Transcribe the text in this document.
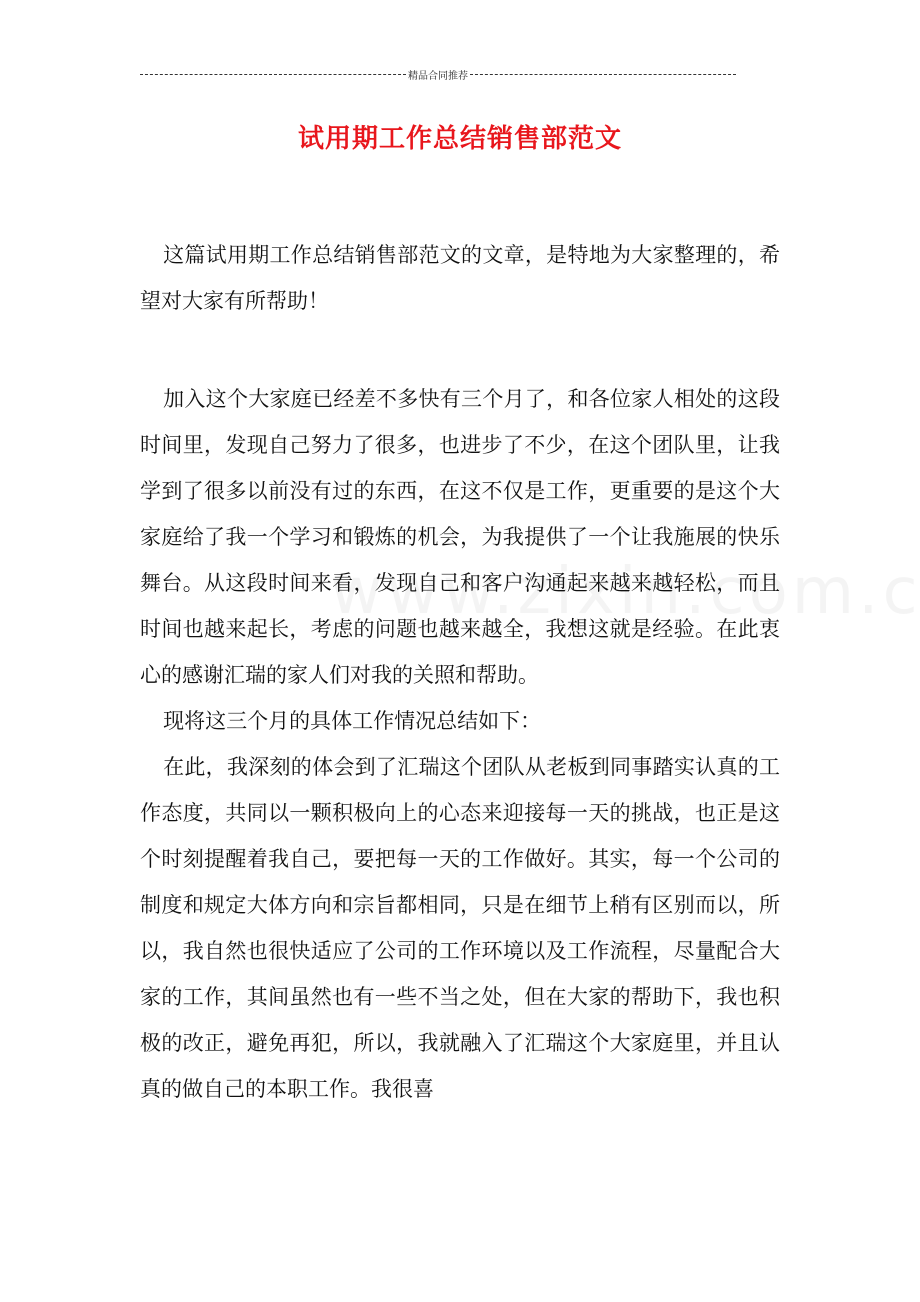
精品合同推荐
试用期工作总结销售部范文

这篇试用期工作总结销售部范文的文章，是特地为大家整理的，希望对大家有所帮助！

加入这个大家庭已经差不多快有三个月了，和各位家人相处的这段时间里，发现自己努力了很多，也进步了不少，在这个团队里，让我学到了很多以前没有过的东西，在这不仅是工作，更重要的是这个大家庭给了我一个学习和锻炼的机会，为我提供了一个让我施展的快乐舞台。从这段时间来看，发现自己和客户沟通起来越来越轻松，而且时间也越来起长，考虑的问题也越来越全，我想这就是经验。在此衷心的感谢汇瑞的家人们对我的关照和帮助。

现将这三个月的具体工作情况总结如下：

在此，我深刻的体会到了汇瑞这个团队从老板到同事踏实认真的工作态度，共同以一颗积极向上的心态来迎接每一天的挑战，也正是这个时刻提醒着我自己，要把每一天的工作做好。其实，每一个公司的制度和规定大体方向和宗旨都相同，只是在细节上稍有区别而以，所以，我自然也很快适应了公司的工作环境以及工作流程，尽量配合大家的工作，其间虽然也有一些不当之处，但在大家的帮助下，我也积极的改正，避免再犯，所以，我就融入了汇瑞这个大家庭里，并且认真的做自己的本职工作。我很喜
